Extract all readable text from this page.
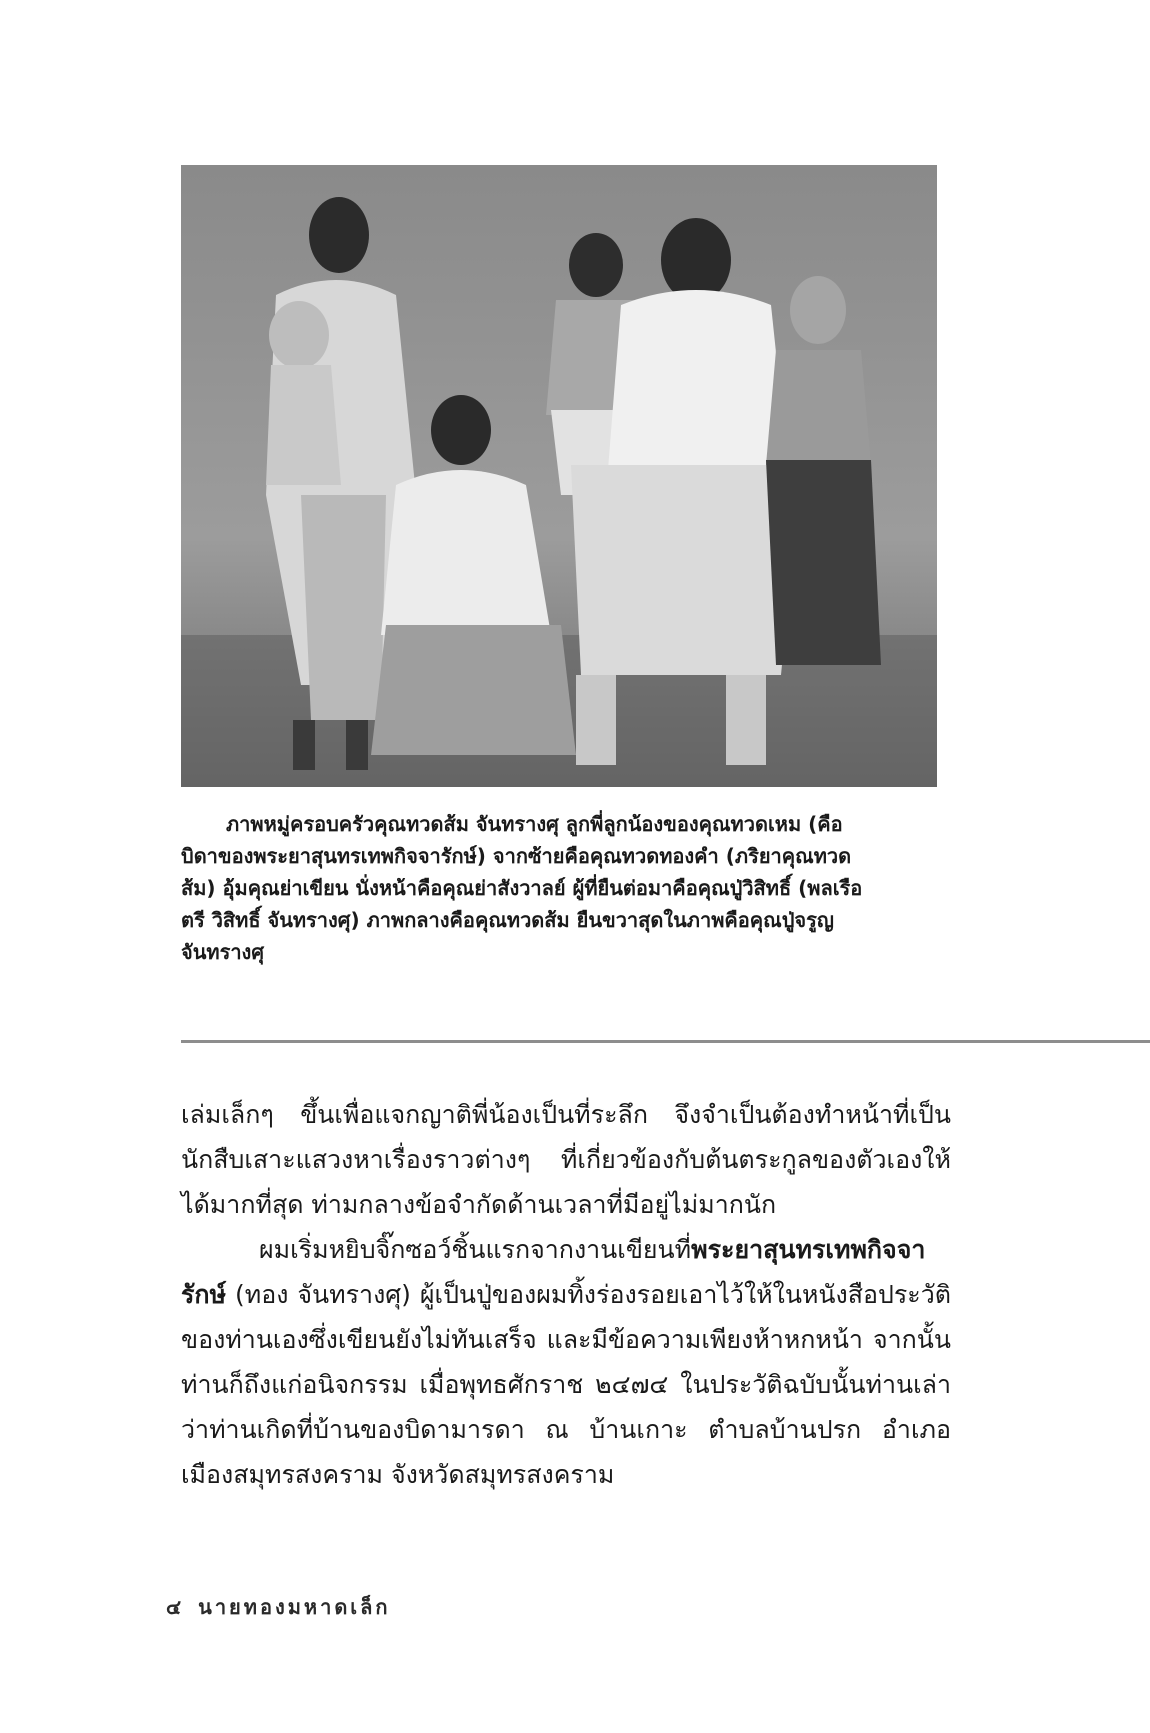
ภาพหมู่ครอบครัวคุณทวดส้ม จันทรางศุ ลูกพี่ลูกน้องของคุณทวดเหม (คือ

บิดาของพระยาสุนทรเทพกิจจารักษ์) จากซ้ายคือคุณทวดทองคำ (ภริยาคุณทวด

ส้ม) อุ้มคุณย่าเขียน นั่งหน้าคือคุณย่าสังวาลย์ ผู้ที่ยืนต่อมาคือคุณปู่วิสิทธิ์ (พลเรือ

ตรี วิสิทธิ์ จันทรางศุ) ภาพกลางคือคุณทวดส้ม ยืนขวาสุดในภาพคือคุณปู่จรูญ

จันทรางศุ

เล่มเล็กๆ ขึ้นเพื่อแจกญาติพี่น้องเป็นที่ระลึก จึงจำเป็นต้องทำหน้าที่เป็นนักสืบเสาะแสวงหาเรื่องราวต่างๆ ที่เกี่ยวข้องกับต้นตระกูลของตัวเองให้ได้มากที่สุด ท่ามกลางข้อจำกัดด้านเวลาที่มีอยู่ไม่มากนัก

ผมเริ่มหยิบจิ๊กซอว์ชิ้นแรกจากงานเขียนที่พระยาสุนทรเทพกิจจารักษ์ (ทอง จันทรางศุ) ผู้เป็นปู่ของผมทิ้งร่องรอยเอาไว้ให้ในหนังสือประวัติของท่านเองซึ่งเขียนยังไม่ทันเสร็จ และมีข้อความเพียงห้าหกหน้า จากนั้นท่านก็ถึงแก่อนิจกรรม เมื่อพุทธศักราช ๒๔๗๔ ในประวัติฉบับนั้นท่านเล่าว่าท่านเกิดที่บ้านของบิดามารดา ณ บ้านเกาะ ตำบลบ้านปรก อำเภอเมืองสมุทรสงคราม จังหวัดสมุทรสงคราม

๔ นายทองมหาดเล็ก
